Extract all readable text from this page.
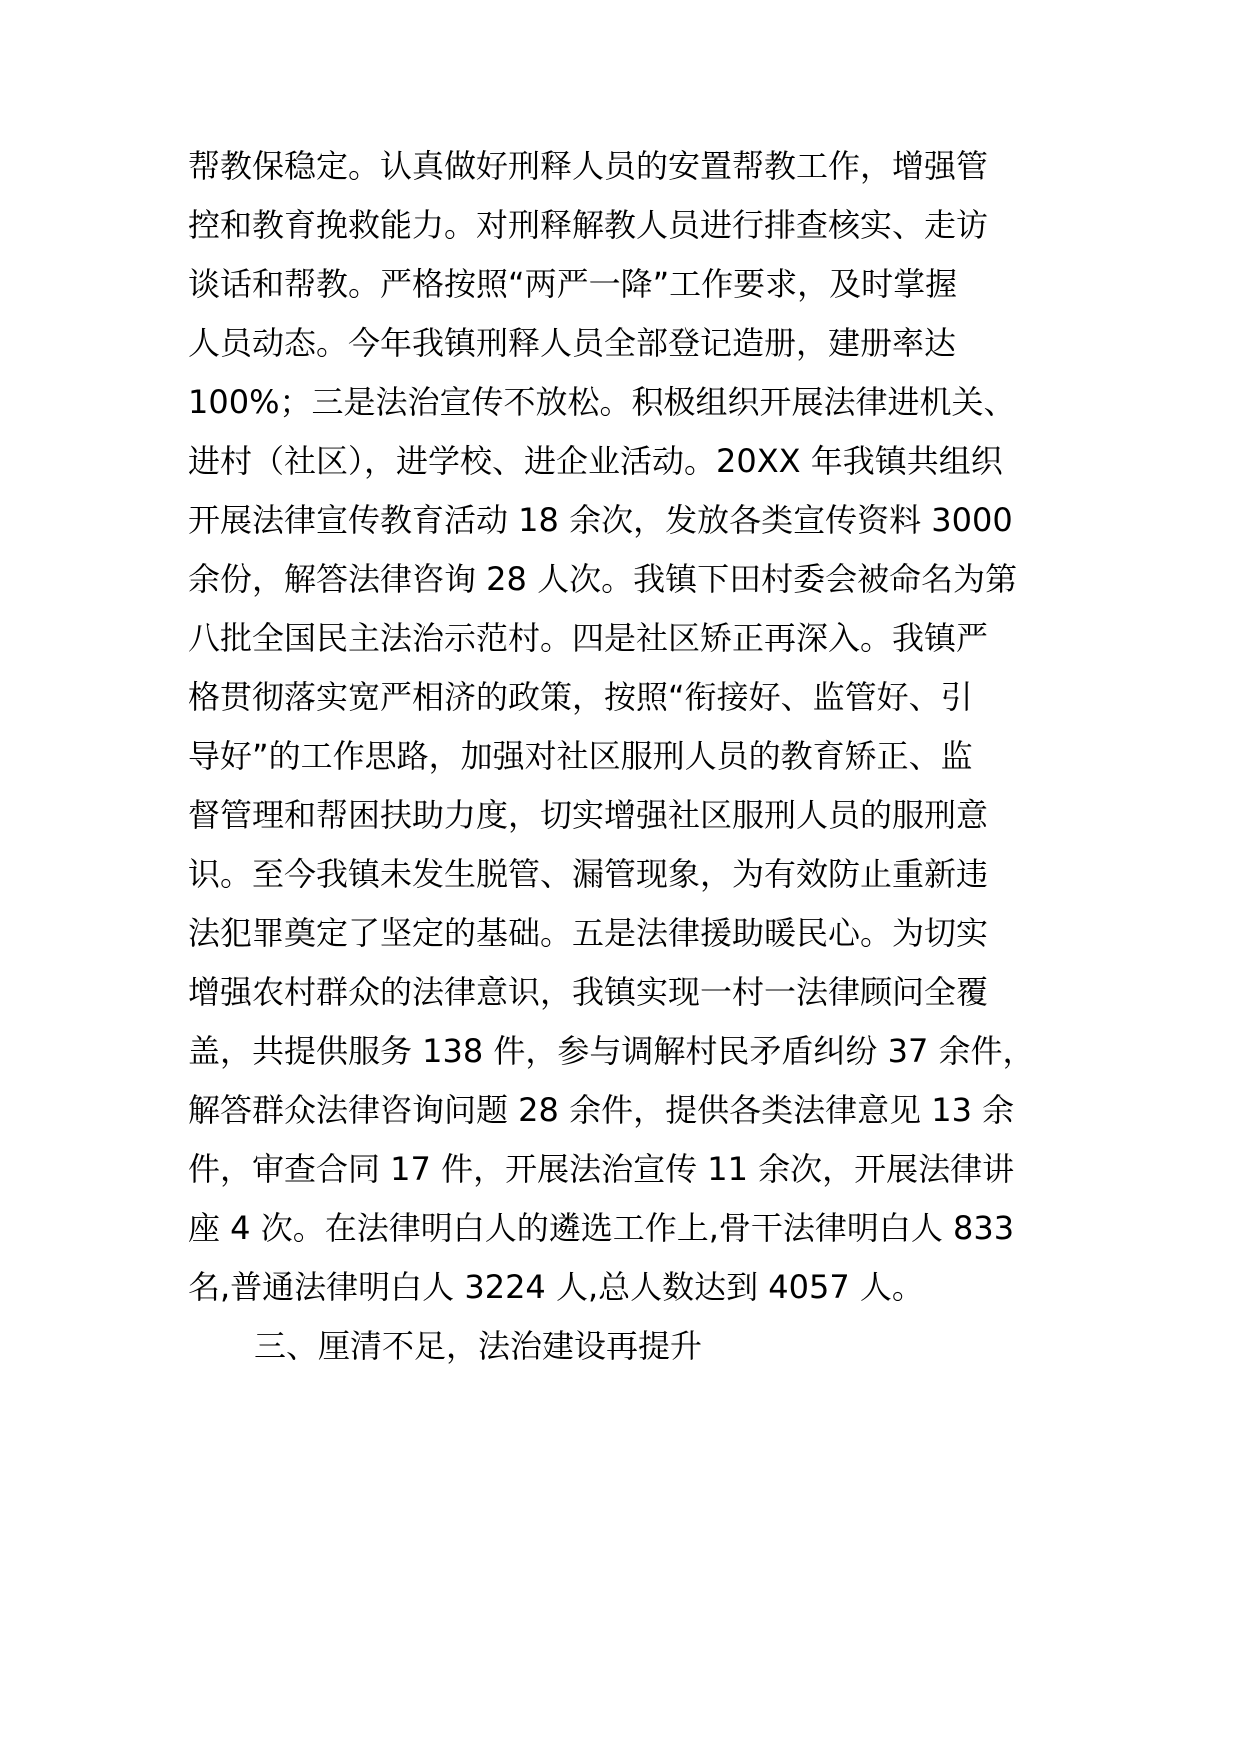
帮教保稳定。认真做好刑释人员的安置帮教工作，增强管
控和教育挽救能力。对刑释解教人员进行排查核实、走访
谈话和帮教。严格按照“两严一降”工作要求，及时掌握
人员动态。今年我镇刑释人员全部登记造册，建册率达
100%；三是法治宣传不放松。积极组织开展法律进机关、
进村（社区），进学校、进企业活动。20XX 年我镇共组织
开展法律宣传教育活动 18 余次，发放各类宣传资料 3000
余份，解答法律咨询 28 人次。我镇下田村委会被命名为第
八批全国民主法治示范村。四是社区矫正再深入。我镇严
格贯彻落实宽严相济的政策，按照“衔接好、监管好、引
导好”的工作思路，加强对社区服刑人员的教育矫正、监
督管理和帮困扶助力度，切实增强社区服刑人员的服刑意
识。至今我镇未发生脱管、漏管现象，为有效防止重新违
法犯罪奠定了坚定的基础。五是法律援助暖民心。为切实
增强农村群众的法律意识，我镇实现一村一法律顾问全覆
盖，共提供服务 138 件，参与调解村民矛盾纠纷 37 余件，
解答群众法律咨询问题 28 余件，提供各类法律意见 13 余
件，审查合同 17 件，开展法治宣传 11 余次，开展法律讲
座 4 次。在法律明白人的遴选工作上,骨干法律明白人 833
名,普通法律明白人 3224 人,总人数达到 4057 人。
三、厘清不足，法治建设再提升
